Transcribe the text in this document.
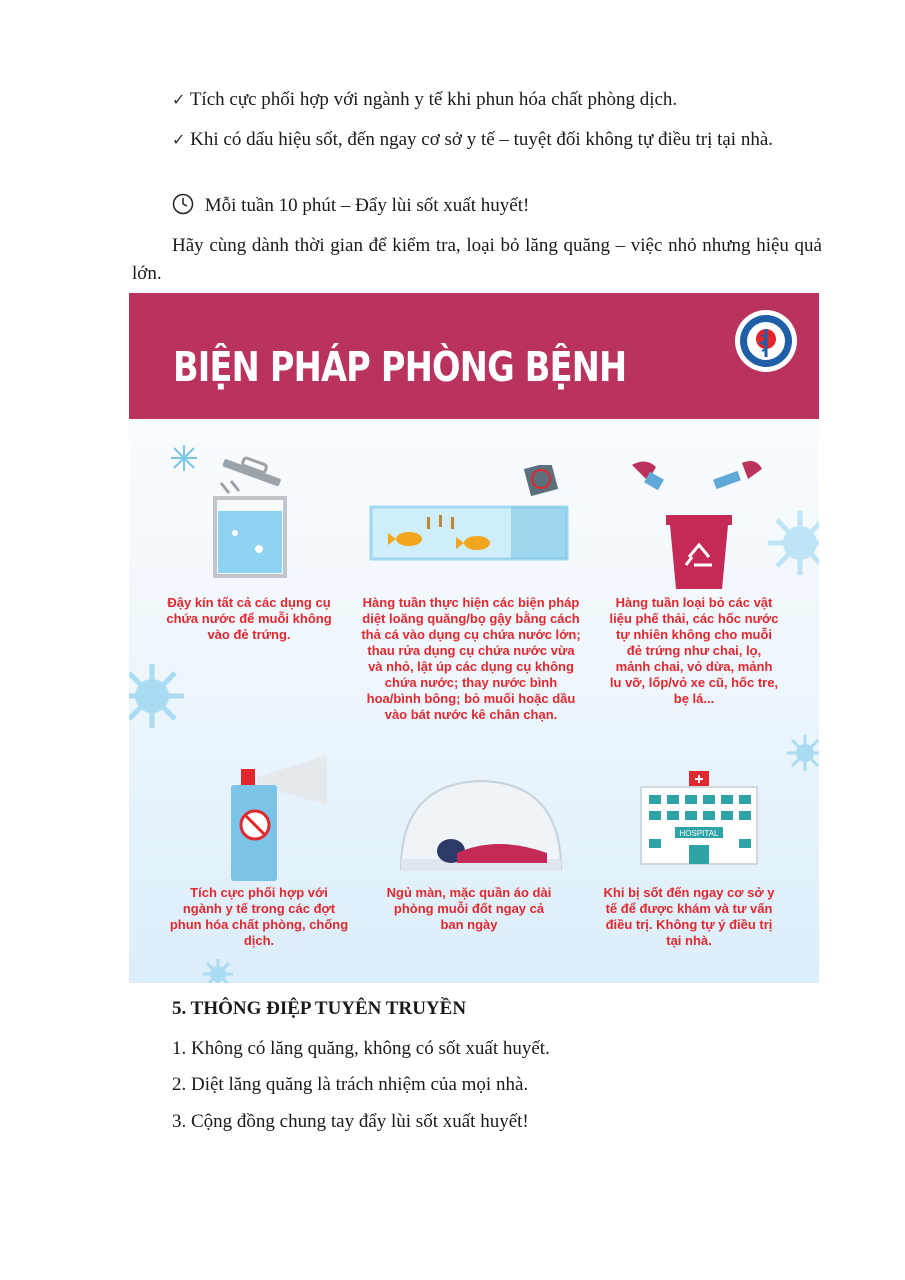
✓ Tích cực phối hợp với ngành y tế khi phun hóa chất phòng dịch.

✓ Khi có dấu hiệu sốt, đến ngay cơ sở y tế – tuyệt đối không tự điều trị tại nhà.

Mỗi tuần 10 phút – Đẩy lùi sốt xuất huyết!

Hãy cùng dành thời gian để kiểm tra, loại bỏ lăng quăng – việc nhỏ nhưng hiệu quả lớn.

BIỆN PHÁP PHÒNG BỆNH
HOSPITAL

Đậy kín tất cả các dụng cụ chứa nước để muỗi không vào đẻ trứng.

Hàng tuần thực hiện các biện pháp diệt loăng quăng/bọ gậy bằng cách thả cá vào dụng cụ chứa nước lớn; thau rửa dụng cụ chứa nước vừa và nhỏ, lật úp các dụng cụ không chứa nước; thay nước bình hoa/bình bông; bỏ muối hoặc dầu vào bát nước kê chân chạn.

Hàng tuần loại bỏ các vật liệu phế thải, các hốc nước tự nhiên không cho muỗi đẻ trứng như chai, lọ, mảnh chai, vỏ dừa, mảnh lu vỡ, lốp/vỏ xe cũ, hốc tre, bẹ lá...

Tích cực phối hợp với ngành y tế trong các đợt phun hóa chất phòng, chống dịch.

Ngủ màn, mặc quần áo dài phòng muỗi đốt ngay cả ban ngày

Khi bị sốt đến ngay cơ sở y tế để được khám và tư vấn điều trị. Không tự ý điều trị tại nhà.

5. THÔNG ĐIỆP TUYÊN TRUYỀN

1. Không có lăng quăng, không có sốt xuất huyết.

2. Diệt lăng quăng là trách nhiệm của mọi nhà.

3. Cộng đồng chung tay đẩy lùi sốt xuất huyết!
